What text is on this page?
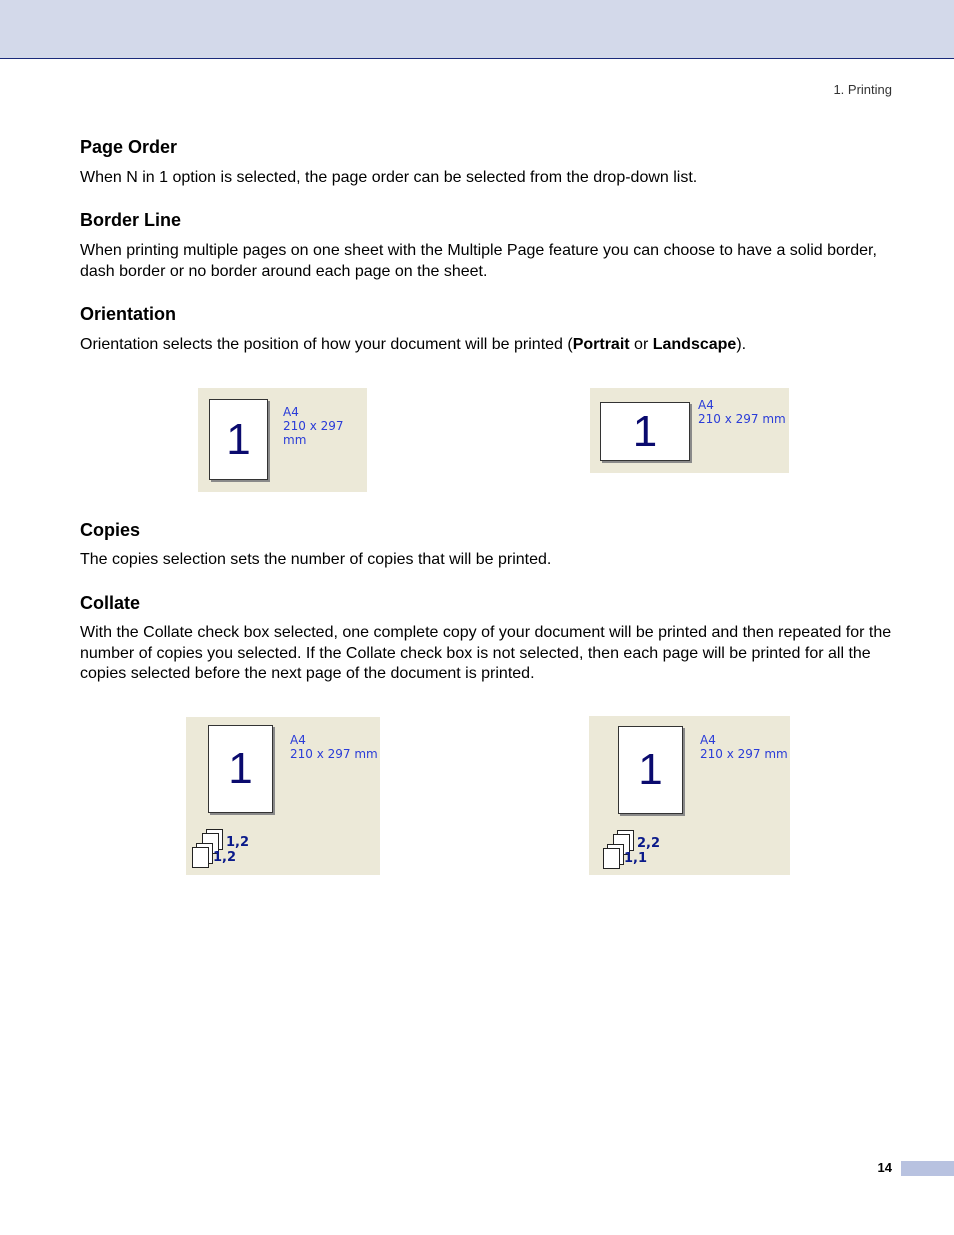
1. Printing
Page Order

When N in 1 option is selected, the page order can be selected from the drop-down list.

Border Line

When printing multiple pages on one sheet with the Multiple Page feature you can choose to have a solid border, dash border or no border around each page on the sheet.

Orientation

Orientation selects the position of how your document will be printed (Portrait or Landscape).

1
A4
210 x 297 mm	1
A4
210 x 297 mm
Copies

The copies selection sets the number of copies that will be printed.

Collate

With the Collate check box selected, one complete copy of your document will be printed and then repeated for the number of copies you selected. If the Collate check box is not selected, then each page will be printed for all the copies selected before the next page of the document is printed.

1
A4
210 x 297 mm
1,2
1,2
1
A4
210 x 297 mm
2,2
1,1
14
